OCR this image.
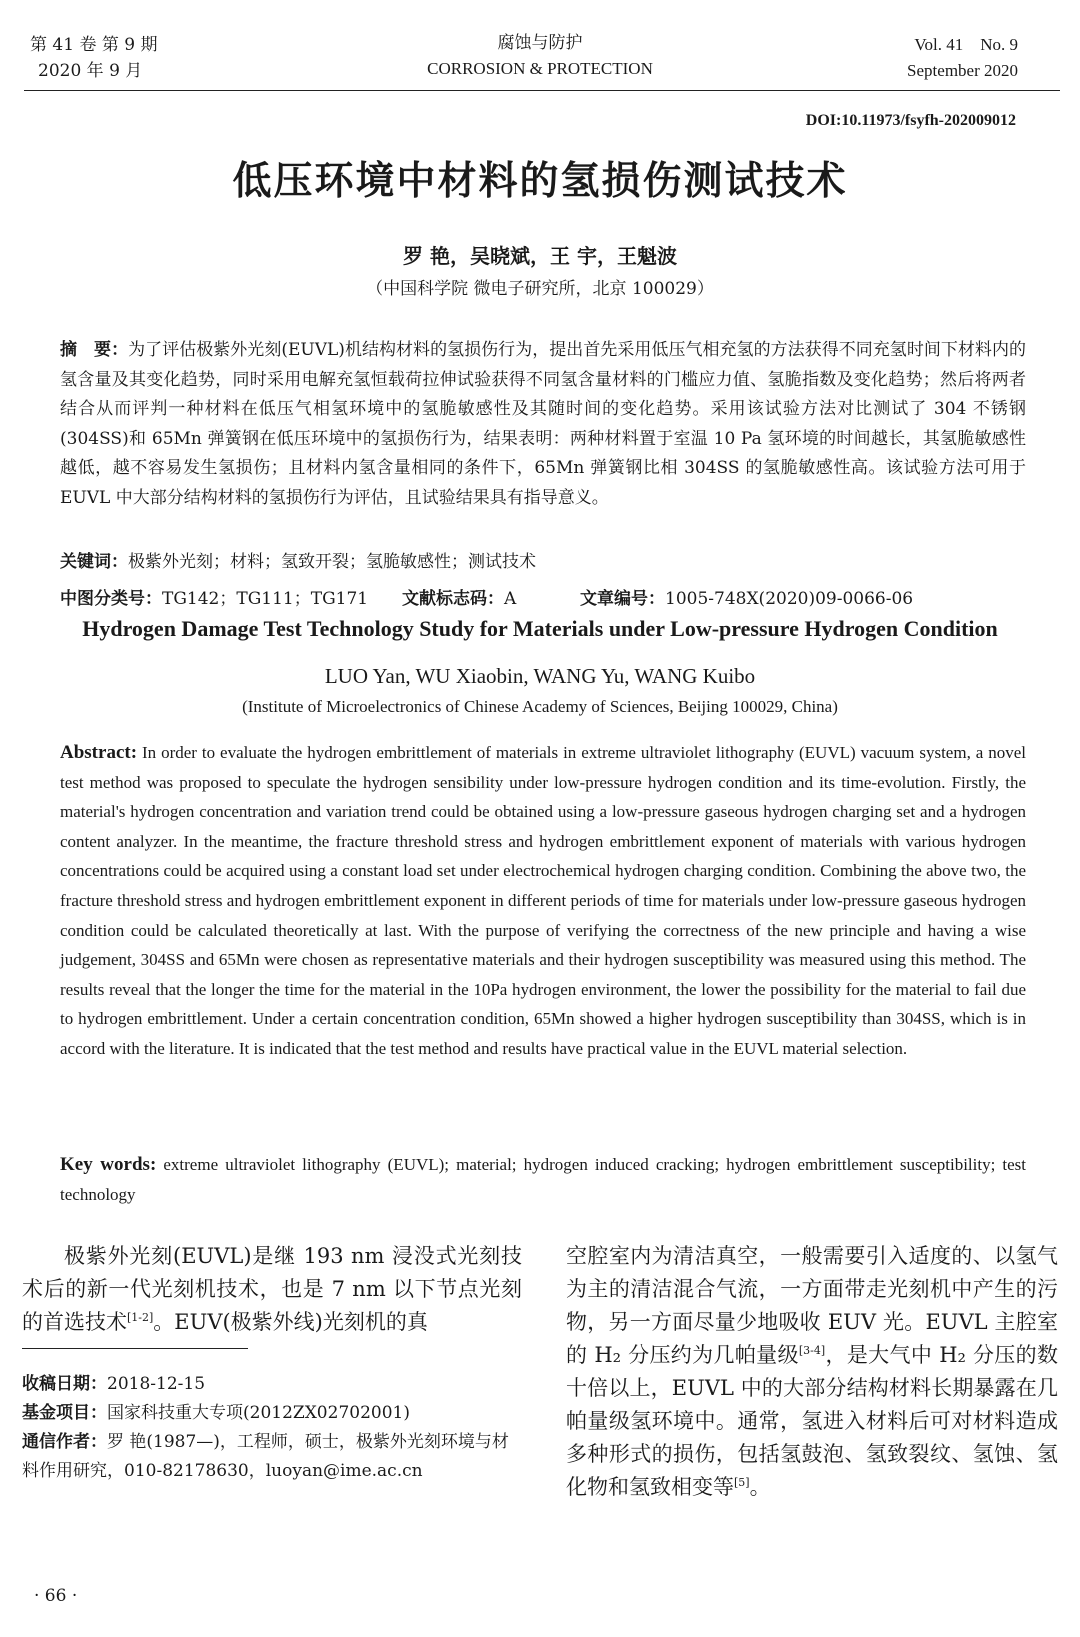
第 41 卷 第 9 期
2020 年 9 月
腐蚀与防护
CORROSION & PROTECTION
Vol. 41    No. 9
September 2020
DOI:10.11973/fsyfh-202009012
低压环境中材料的氢损伤测试技术
罗 艳，吴晓斌，王 宇，王魁波
（中国科学院 微电子研究所，北京 100029）
摘　要：为了评估极紫外光刻(EUVL)机结构材料的氢损伤行为，提出首先采用低压气相充氢的方法获得不同充氢时间下材料内的氢含量及其变化趋势，同时采用电解充氢恒载荷拉伸试验获得不同氢含量材料的门槛应力值、氢脆指数及变化趋势；然后将两者结合从而评判一种材料在低压气相氢环境中的氢脆敏感性及其随时间的变化趋势。采用该试验方法对比测试了 304 不锈钢(304SS)和 65Mn 弹簧钢在低压环境中的氢损伤行为，结果表明：两种材料置于室温 10 Pa 氢环境的时间越长，其氢脆敏感性越低，越不容易发生氢损伤；且材料内氢含量相同的条件下，65Mn 弹簧钢比相 304SS 的氢脆敏感性高。该试验方法可用于 EUVL 中大部分结构材料的氢损伤行为评估，且试验结果具有指导意义。
关键词：极紫外光刻；材料；氢致开裂；氢脆敏感性；测试技术
中图分类号：TG142；TG111；TG171 文献标志码：A	文章编号：1005-748X(2020)09-0066-06
Hydrogen Damage Test Technology Study for Materials under Low-pressure Hydrogen Condition
LUO Yan, WU Xiaobin, WANG Yu, WANG Kuibo
(Institute of Microelectronics of Chinese Academy of Sciences, Beijing 100029, China)
Abstract: In order to evaluate the hydrogen embrittlement of materials in extreme ultraviolet lithography (EUVL) vacuum system, a novel test method was proposed to speculate the hydrogen sensibility under low-pressure hydrogen condition and its time-evolution. Firstly, the material's hydrogen concentration and variation trend could be obtained using a low-pressure gaseous hydrogen charging set and a hydrogen content analyzer. In the meantime, the fracture threshold stress and hydrogen embrittlement exponent of materials with various hydrogen concentrations could be acquired using a constant load set under electrochemical hydrogen charging condition. Combining the above two, the fracture threshold stress and hydrogen embrittlement exponent in different periods of time for materials under low-pressure gaseous hydrogen condition could be calculated theoretically at last. With the purpose of verifying the correctness of the new principle and having a wise judgement, 304SS and 65Mn were chosen as representative materials and their hydrogen susceptibility was measured using this method. The results reveal that the longer the time for the material in the 10Pa hydrogen environment, the lower the possibility for the material to fail due to hydrogen embrittlement. Under a certain concentration condition, 65Mn showed a higher hydrogen susceptibility than 304SS, which is in accord with the literature. It is indicated that the test method and results have practical value in the EUVL material selection.
Key words: extreme ultraviolet lithography (EUVL); material; hydrogen induced cracking; hydrogen embrittlement susceptibility; test technology
极紫外光刻(EUVL)是继 193 nm 浸没式光刻技术后的新一代光刻机技术，也是 7 nm 以下节点光刻的首选技术[1-2]。EUV(极紫外线)光刻机的真
空腔室内为清洁真空，一般需要引入适度的、以氢气为主的清洁混合气流，一方面带走光刻机中产生的污物，另一方面尽量少地吸收 EUV 光。EUVL 主腔室的 H₂ 分压约为几帕量级[3-4]，是大气中 H₂ 分压的数十倍以上，EUVL 中的大部分结构材料长期暴露在几帕量级氢环境中。通常，氢进入材料后可对材料造成多种形式的损伤，包括氢鼓泡、氢致裂纹、氢蚀、氢化物和氢致相变等[5]。
收稿日期：2018-12-15
基金项目：国家科技重大专项(2012ZX02702001)
通信作者：罗 艳(1987—)，工程师，硕士，极紫外光刻环境与材料作用研究，010-82178630，luoyan@ime.ac.cn
· 66 ·
